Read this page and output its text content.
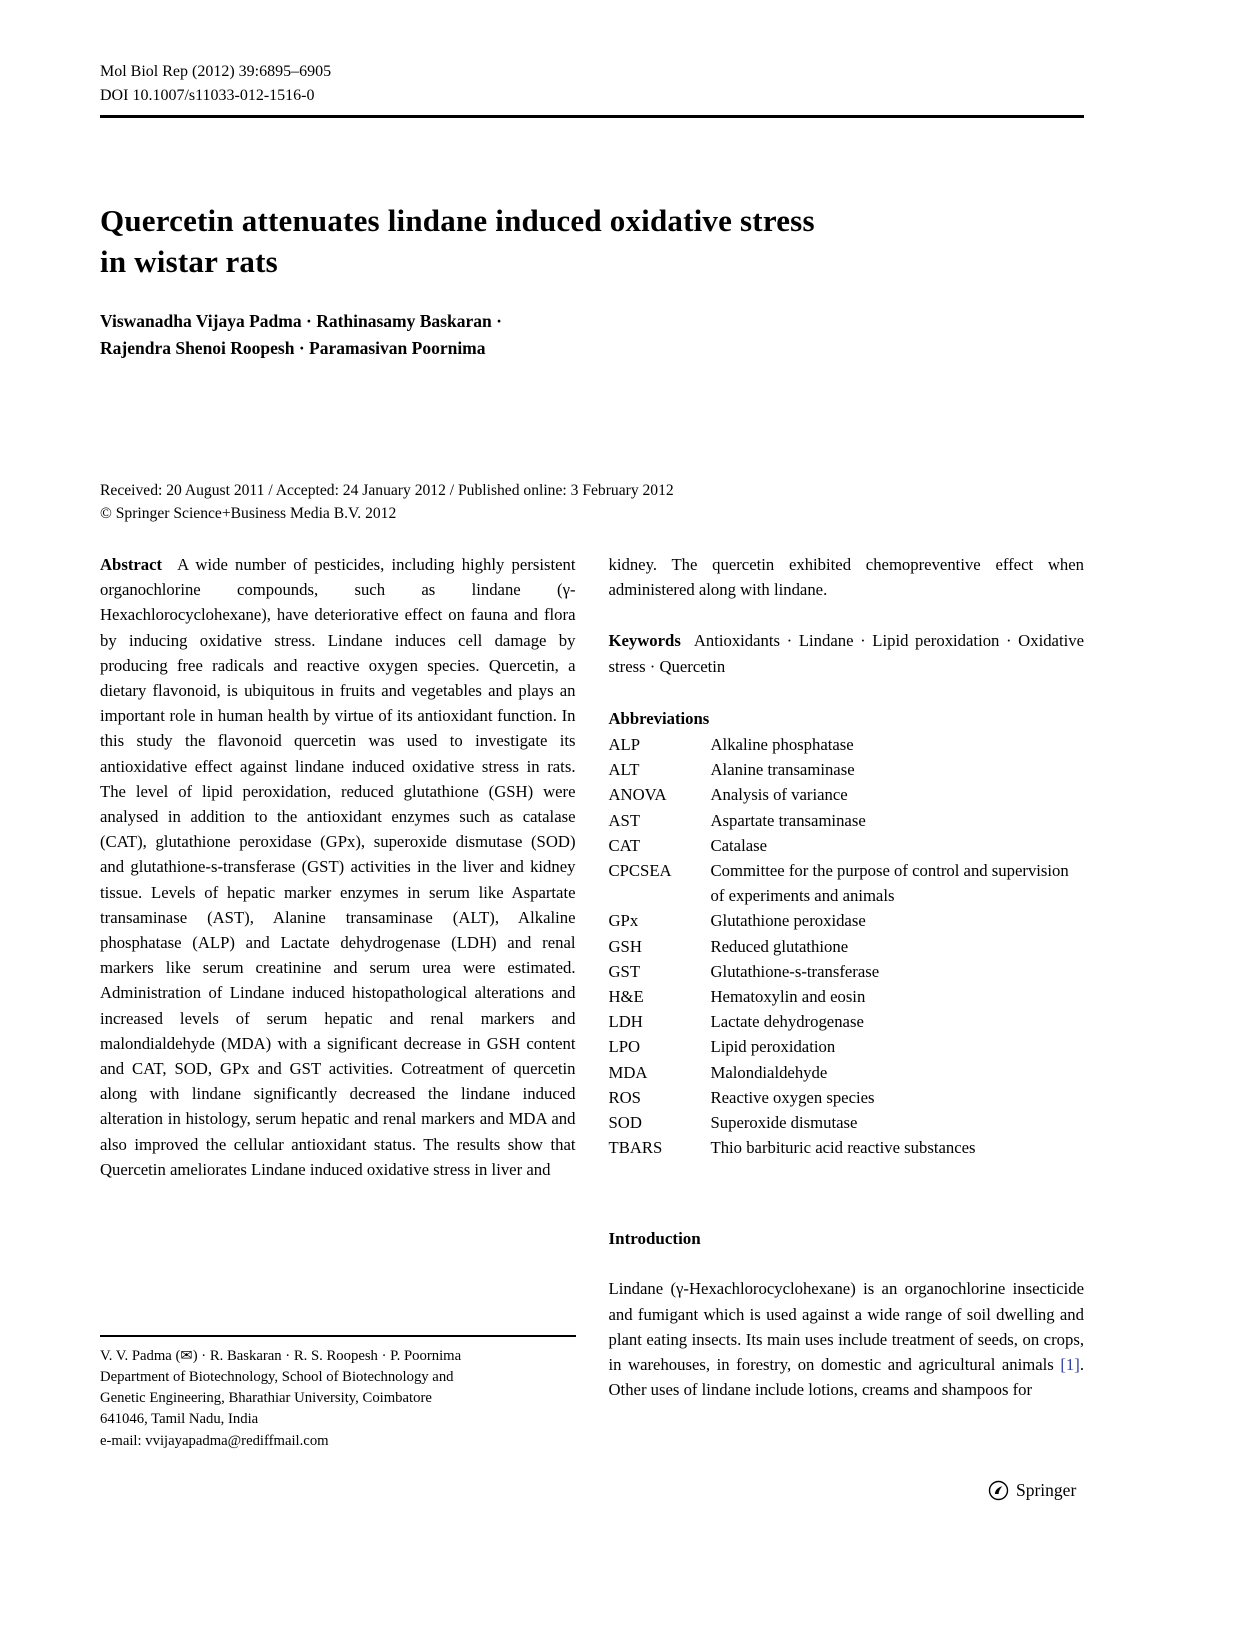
Mol Biol Rep (2012) 39:6895–6905
DOI 10.1007/s11033-012-1516-0
Quercetin attenuates lindane induced oxidative stress
in wistar rats
Viswanadha Vijaya Padma · Rathinasamy Baskaran ·
Rajendra Shenoi Roopesh · Paramasivan Poornima
Received: 20 August 2011 / Accepted: 24 January 2012 / Published online: 3 February 2012
© Springer Science+Business Media B.V. 2012

Abstract A wide number of pesticides, including highly persistent organochlorine compounds, such as lindane (γ-Hexachlorocyclohexane), have deteriorative effect on fauna and flora by inducing oxidative stress. Lindane induces cell damage by producing free radicals and reactive oxygen species. Quercetin, a dietary flavonoid, is ubiquitous in fruits and vegetables and plays an important role in human health by virtue of its antioxidant function. In this study the flavonoid quercetin was used to investigate its antioxidative effect against lindane induced oxidative stress in rats. The level of lipid peroxidation, reduced glutathione (GSH) were analysed in addition to the antioxidant enzymes such as catalase (CAT), glutathione peroxidase (GPx), superoxide dismutase (SOD) and glutathione-s-transferase (GST) activities in the liver and kidney tissue. Levels of hepatic marker enzymes in serum like Aspartate transaminase (AST), Alanine transaminase (ALT), Alkaline phosphatase (ALP) and Lactate dehydrogenase (LDH) and renal markers like serum creatinine and serum urea were estimated. Administration of Lindane induced histopathological alterations and increased levels of serum hepatic and renal markers and malondialdehyde (MDA) with a significant decrease in GSH content and CAT, SOD, GPx and GST activities. Cotreatment of quercetin along with lindane significantly decreased the lindane induced alteration in histology, serum hepatic and renal markers and MDA and also improved the cellular antioxidant status. The results show that Quercetin ameliorates Lindane induced oxidative stress in liver and

V. V. Padma (✉) · R. Baskaran · R. S. Roopesh · P. Poornima
Department of Biotechnology, School of Biotechnology and
Genetic Engineering, Bharathiar University, Coimbatore
641046, Tamil Nadu, India
e-mail: vvijayapadma@rediffmail.com

kidney. The quercetin exhibited chemopreventive effect when administered along with lindane.

Keywords Antioxidants · Lindane · Lipid peroxidation · Oxidative stress · Quercetin

Abbreviations
ALP	Alkaline phosphatase
ALT	Alanine transaminase
ANOVA	Analysis of variance
AST	Aspartate transaminase
CAT	Catalase
CPCSEA	Committee for the purpose of control and supervision of experiments and animals
GPx	Glutathione peroxidase
GSH	Reduced glutathione
GST	Glutathione-s-transferase
H&E	Hematoxylin and eosin
LDH	Lactate dehydrogenase
LPO	Lipid peroxidation
MDA	Malondialdehyde
ROS	Reactive oxygen species
SOD	Superoxide dismutase
TBARS	Thio barbituric acid reactive substances
Introduction

Lindane (γ-Hexachlorocyclohexane) is an organochlorine insecticide and fumigant which is used against a wide range of soil dwelling and plant eating insects. Its main uses include treatment of seeds, on crops, in warehouses, in forestry, on domestic and agricultural animals [1]. Other uses of lindane include lotions, creams and shampoos for

Springer
